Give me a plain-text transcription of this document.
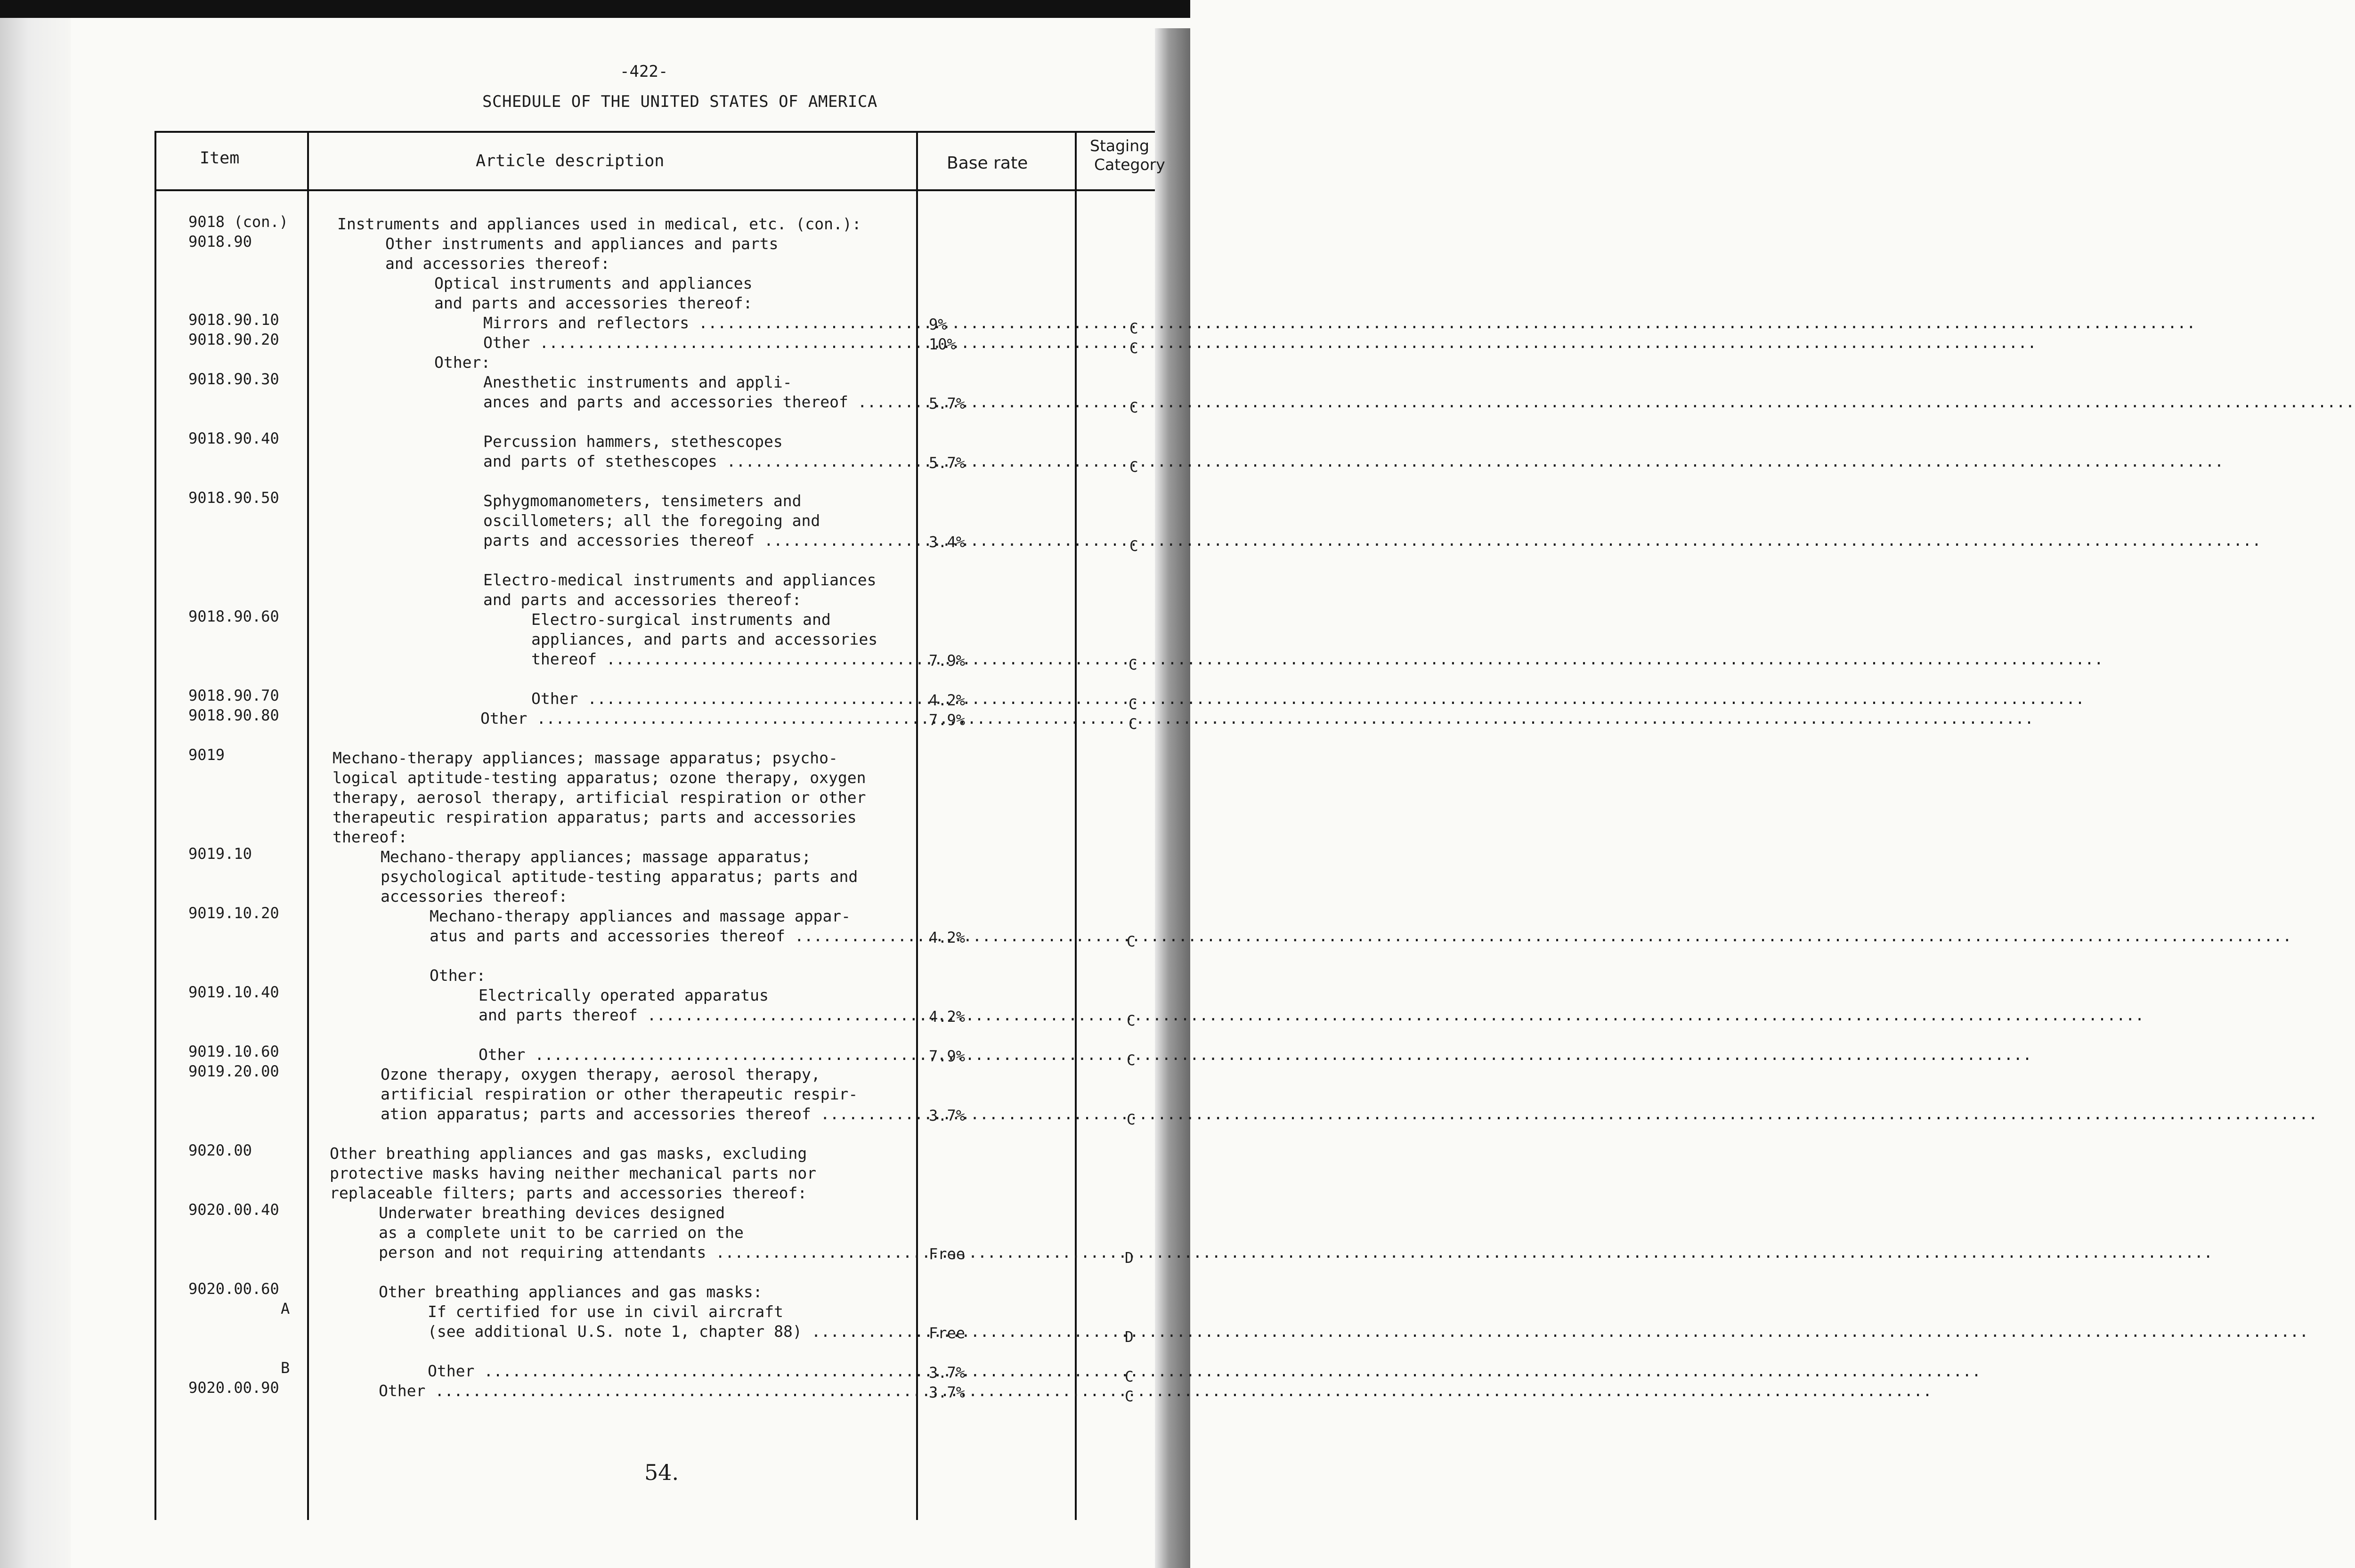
-422-
SCHEDULE OF THE UNITED STATES OF AMERICA
Item	Article description	Base rate
Staging
Category
9018 (con.)
9018.90
9018.90.10
9018.90.20
9018.90.30
9018.90.40
9018.90.50
9018.90.60
9018.90.70
9018.90.80
9019
9019.10
9019.10.20
9019.10.40
9019.10.60
9019.20.00
9020.00
9020.00.40
9020.00.60
A
B
9020.00.90
Instruments and appliances used in medical, etc. (con.):
Other instruments and appliances and parts
and accessories thereof:
Optical instruments and appliances
and parts and accessories thereof:
Mirrors and reflectors .....
Other .....
Other:
Anesthetic instruments and appli-
ances and parts and accessories thereof .....
Percussion hammers, stethescopes
and parts of stethescopes .....
Sphygmomanometers, tensimeters and
oscillometers; all the foregoing and
parts and accessories thereof .....
Electro-medical instruments and appliances
and parts and accessories thereof:
Electro-surgical instruments and
appliances, and parts and accessories
thereof .....
Other .....
Other .....
Mechano-therapy appliances; massage apparatus; psycho-
logical aptitude-testing apparatus; ozone therapy, oxygen
therapy, aerosol therapy, artificial respiration or other
therapeutic respiration apparatus; parts and accessories
thereof:
Mechano-therapy appliances; massage apparatus;
psychological aptitude-testing apparatus; parts and
accessories thereof:
Mechano-therapy appliances and massage appar-
atus and parts and accessories thereof .....
Other:
Electrically operated apparatus
and parts thereof .....
Other .....
Ozone therapy, oxygen therapy, aerosol therapy,
artificial respiration or other therapeutic respir-
ation apparatus; parts and accessories thereof .....
Other breathing appliances and gas masks, excluding
protective masks having neither mechanical parts nor
replaceable filters; parts and accessories thereof:
Underwater breathing devices designed
as a complete unit to be carried on the
person and not requiring attendants .....
Other breathing appliances and gas masks:
If certified for use in civil aircraft
(see additional U.S. note 1, chapter 88) .....
Other .....
Other .....
9%
10%
5.7%
5.7%
3.4%
7.9%
4.2%
7.9%
4.2%
4.2%
7.9%
3.7%
Free
Free
3.7%
3.7%
C
C
C
C
C
C
C
C
C
C
C
C
D
D
C
C
54.
